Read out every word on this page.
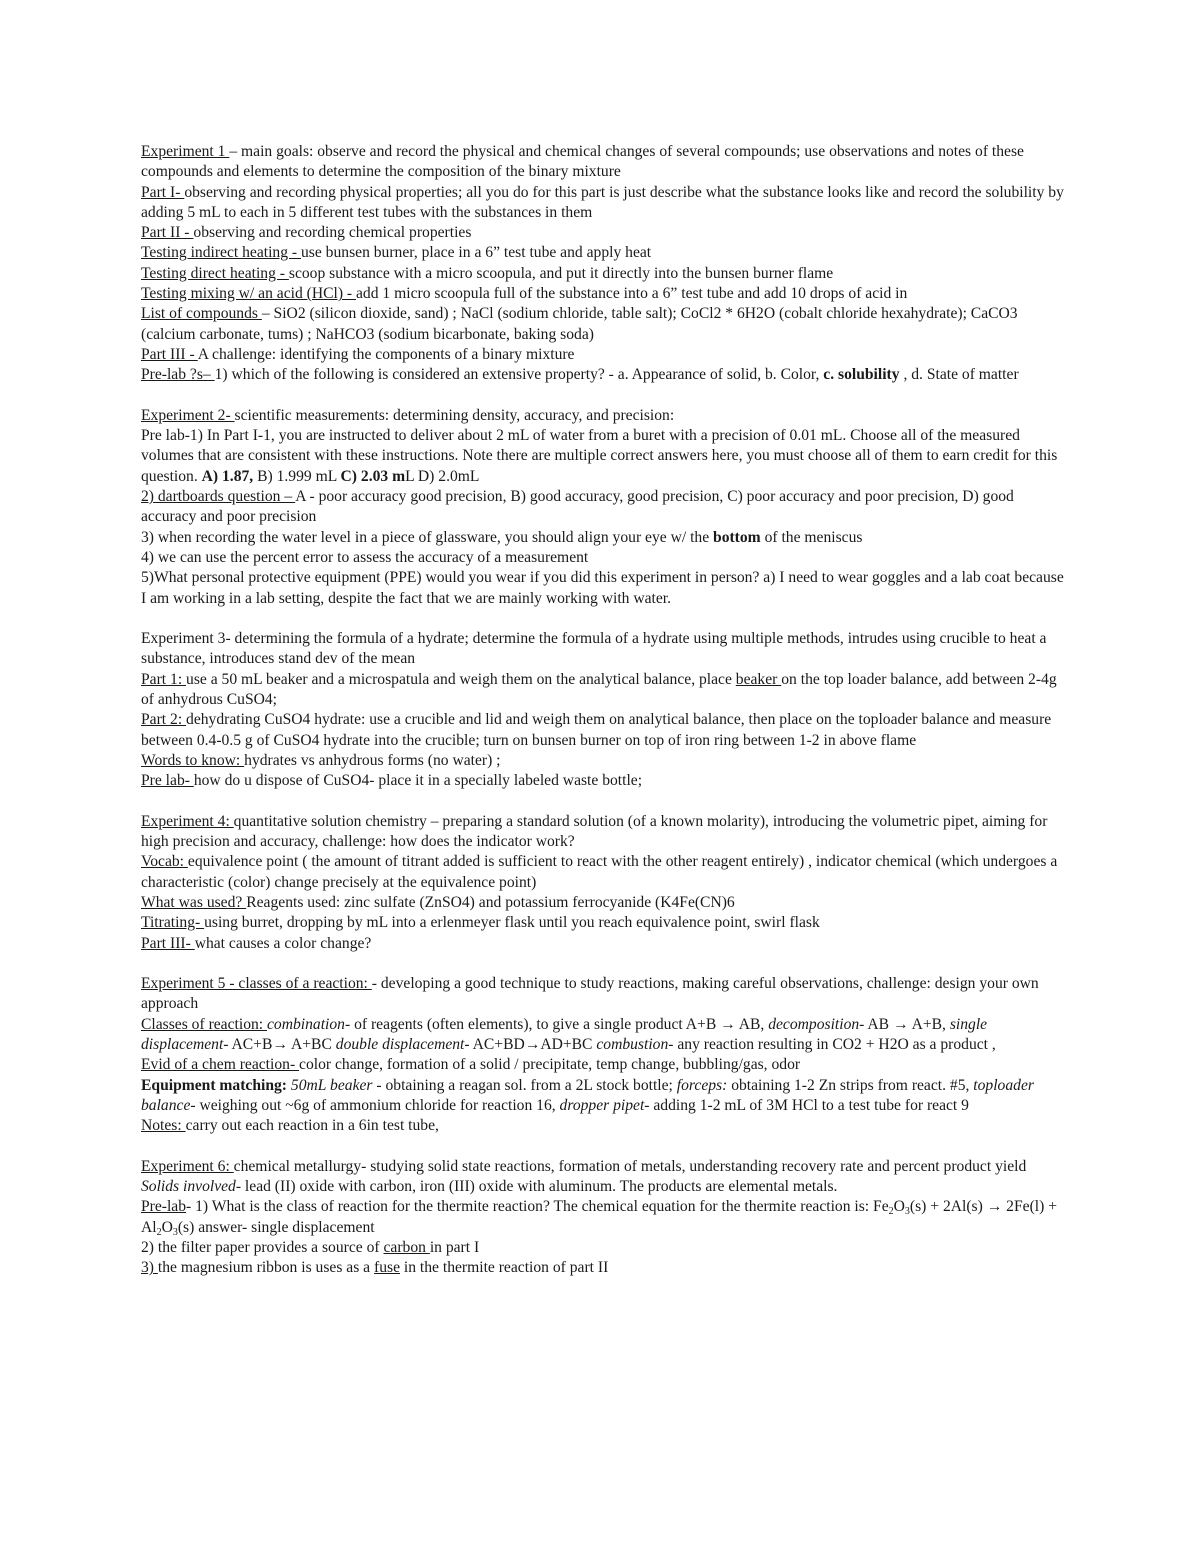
Experiment 1 – main goals: observe and record the physical and chemical changes of several compounds; use observations and notes of these compounds and elements to determine the composition of the binary mixture

Part I- observing and recording physical properties; all you do for this part is just describe what the substance looks like and record the solubility by adding 5 mL to each in 5 different test tubes with the substances in them

Part II - observing and recording chemical properties

Testing indirect heating - use bunsen burner, place in a 6” test tube and apply heat

Testing direct heating - scoop substance with a micro scoopula, and put it directly into the bunsen burner flame

Testing mixing w/ an acid (HCl) - add 1 micro scoopula full of the substance into a 6” test tube and add 10 drops of acid in

List of compounds – SiO2 (silicon dioxide, sand) ; NaCl (sodium chloride, table salt); CoCl2 * 6H2O (cobalt chloride hexahydrate); CaCO3 (calcium carbonate, tums) ; NaHCO3 (sodium bicarbonate, baking soda)

Part III - A challenge: identifying the components of a binary mixture

Pre-lab ?s– 1) which of the following is considered an extensive property? - a. Appearance of solid, b. Color, c. solubility , d. State of matter

Experiment 2- scientific measurements: determining density, accuracy, and precision:

Pre lab-1) In Part I-1, you are instructed to deliver about 2 mL of water from a buret with a precision of 0.01 mL. Choose all of the measured volumes that are consistent with these instructions. Note there are multiple correct answers here, you must choose all of them to earn credit for this question. A) 1.87, B) 1.999 mL C) 2.03 mL D) 2.0mL

2) dartboards question – A - poor accuracy good precision, B) good accuracy, good precision, C) poor accuracy and poor precision, D) good accuracy and poor precision

3) when recording the water level in a piece of glassware, you should align your eye w/ the bottom of the meniscus

4) we can use the percent error to assess the accuracy of a measurement

5)What personal protective equipment (PPE) would you wear if you did this experiment in person? a) I need to wear goggles and a lab coat because I am working in a lab setting, despite the fact that we are mainly working with water.

Experiment 3- determining the formula of a hydrate; determine the formula of a hydrate using multiple methods, intrudes using crucible to heat a substance, introduces stand dev of the mean

Part 1: use a 50 mL beaker and a microspatula and weigh them on the analytical balance, place beaker on the top loader balance, add between 2-4g of anhydrous CuSO4;

Part 2: dehydrating CuSO4 hydrate: use a crucible and lid and weigh them on analytical balance, then place on the toploader balance and measure between 0.4-0.5 g of CuSO4 hydrate into the crucible; turn on bunsen burner on top of iron ring between 1-2 in above flame

Words to know: hydrates vs anhydrous forms (no water) ;

Pre lab- how do u dispose of CuSO4- place it in a specially labeled waste bottle;

Experiment 4: quantitative solution chemistry – preparing a standard solution (of a known molarity), introducing the volumetric pipet, aiming for high precision and accuracy, challenge: how does the indicator work?

Vocab: equivalence point ( the amount of titrant added is sufficient to react with the other reagent entirely) , indicator chemical (which undergoes a characteristic (color) change precisely at the equivalence point)

What was used? Reagents used: zinc sulfate (ZnSO4) and potassium ferrocyanide (K4Fe(CN)6

Titrating- using burret, dropping by mL into a erlenmeyer flask until you reach equivalence point, swirl flask

Part III- what causes a color change?

Experiment 5 - classes of a reaction: - developing a good technique to study reactions, making careful observations, challenge: design your own approach

Classes of reaction: combination- of reagents (often elements), to give a single product A+B → AB, decomposition- AB → A+B, single displacement- AC+B→ A+BC double displacement- AC+BD→AD+BC combustion- any reaction resulting in CO2 + H2O as a product ,

Evid of a chem reaction- color change, formation of a solid / precipitate, temp change, bubbling/gas, odor

Equipment matching: 50mL beaker - obtaining a reagan sol. from a 2L stock bottle; forceps: obtaining 1-2 Zn strips from react. #5, toploader balance- weighing out ~6g of ammonium chloride for reaction 16, dropper pipet- adding 1-2 mL of 3M HCl to a test tube for react 9

Notes: carry out each reaction in a 6in test tube,

Experiment 6: chemical metallurgy- studying solid state reactions, formation of metals, understanding recovery rate and percent product yield

Solids involved- lead (II) oxide with carbon, iron (III) oxide with aluminum. The products are elemental metals.

Pre-lab- 1) What is the class of reaction for the thermite reaction? The chemical equation for the thermite reaction is: $Fe_2O_3(s) + 2Al(s) \to 2Fe(l) + Al_2O_3(s)$ answer- single displacement

2) the filter paper provides a source of carbon in part I

3) the magnesium ribbon is uses as a fuse in the thermite reaction of part II
